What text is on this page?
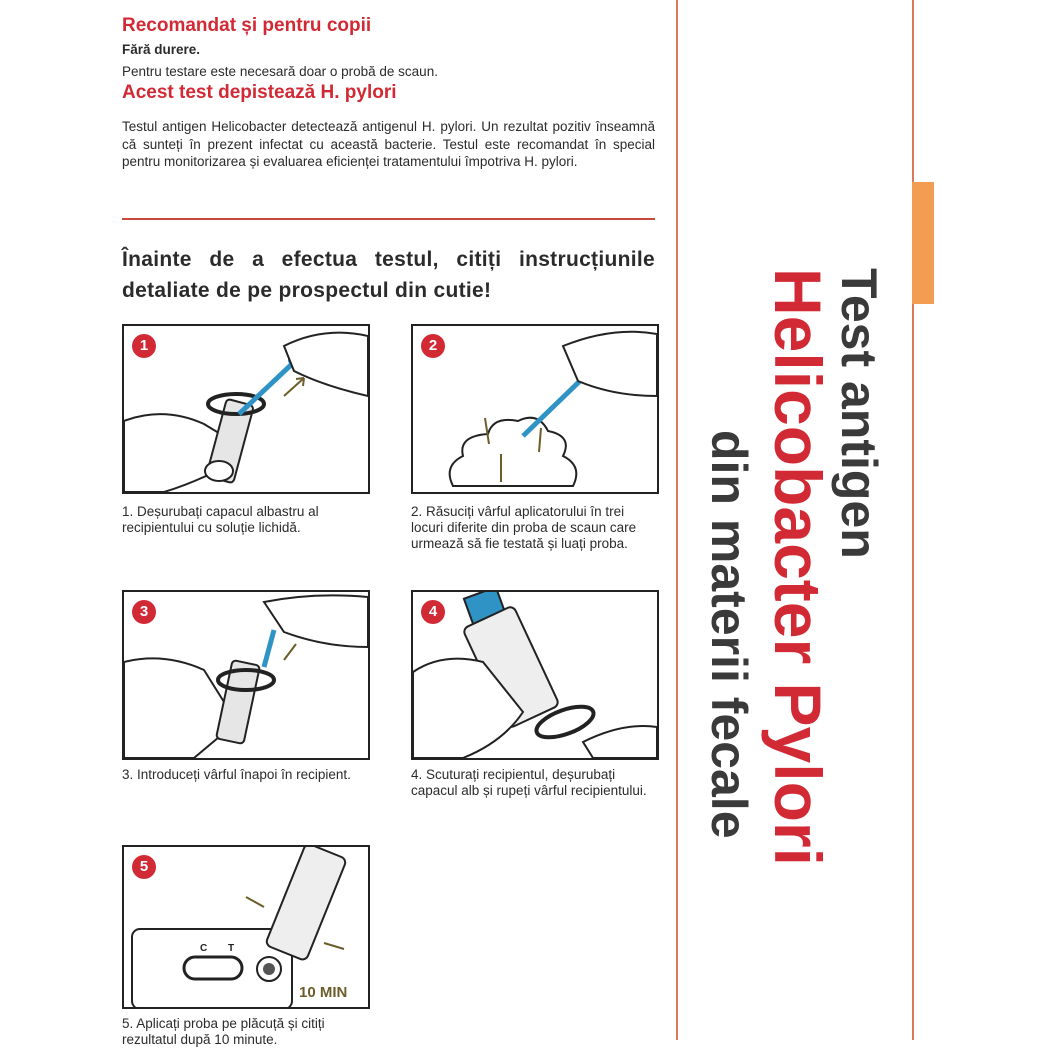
Recomandat și pentru copii
Fără durere.
Pentru testare este necesară doar o probă de scaun.
Acest test depistează H. pylori
Testul antigen Helicobacter detectează antigenul H. pylori. Un rezultat pozitiv înseamnă că sunteți în prezent infectat cu această bacterie. Testul este recomandat în special pentru monitorizarea și evaluarea eficienței tratamentului împotriva H. pylori.
Înainte de a efectua testul, citiți instrucțiunile detaliate de pe prospectul din cutie!
1
1. Deșurubați capacul albastru al recipientului cu soluție lichidă.
2
2. Răsuciți vârful aplicatorului în trei locuri diferite din proba de scaun care urmează să fie testată și luați proba.
3
3. Introduceți vârful înapoi în recipient.
4
4. Scuturați recipientul, deșurubați capacul alb și rupeți vârful recipientului.
5
C T
10 MIN
5. Aplicați proba pe plăcuță și citiți rezultatul după 10 minute.
Test antigen
Helicobacter Pylori
din materii fecale
